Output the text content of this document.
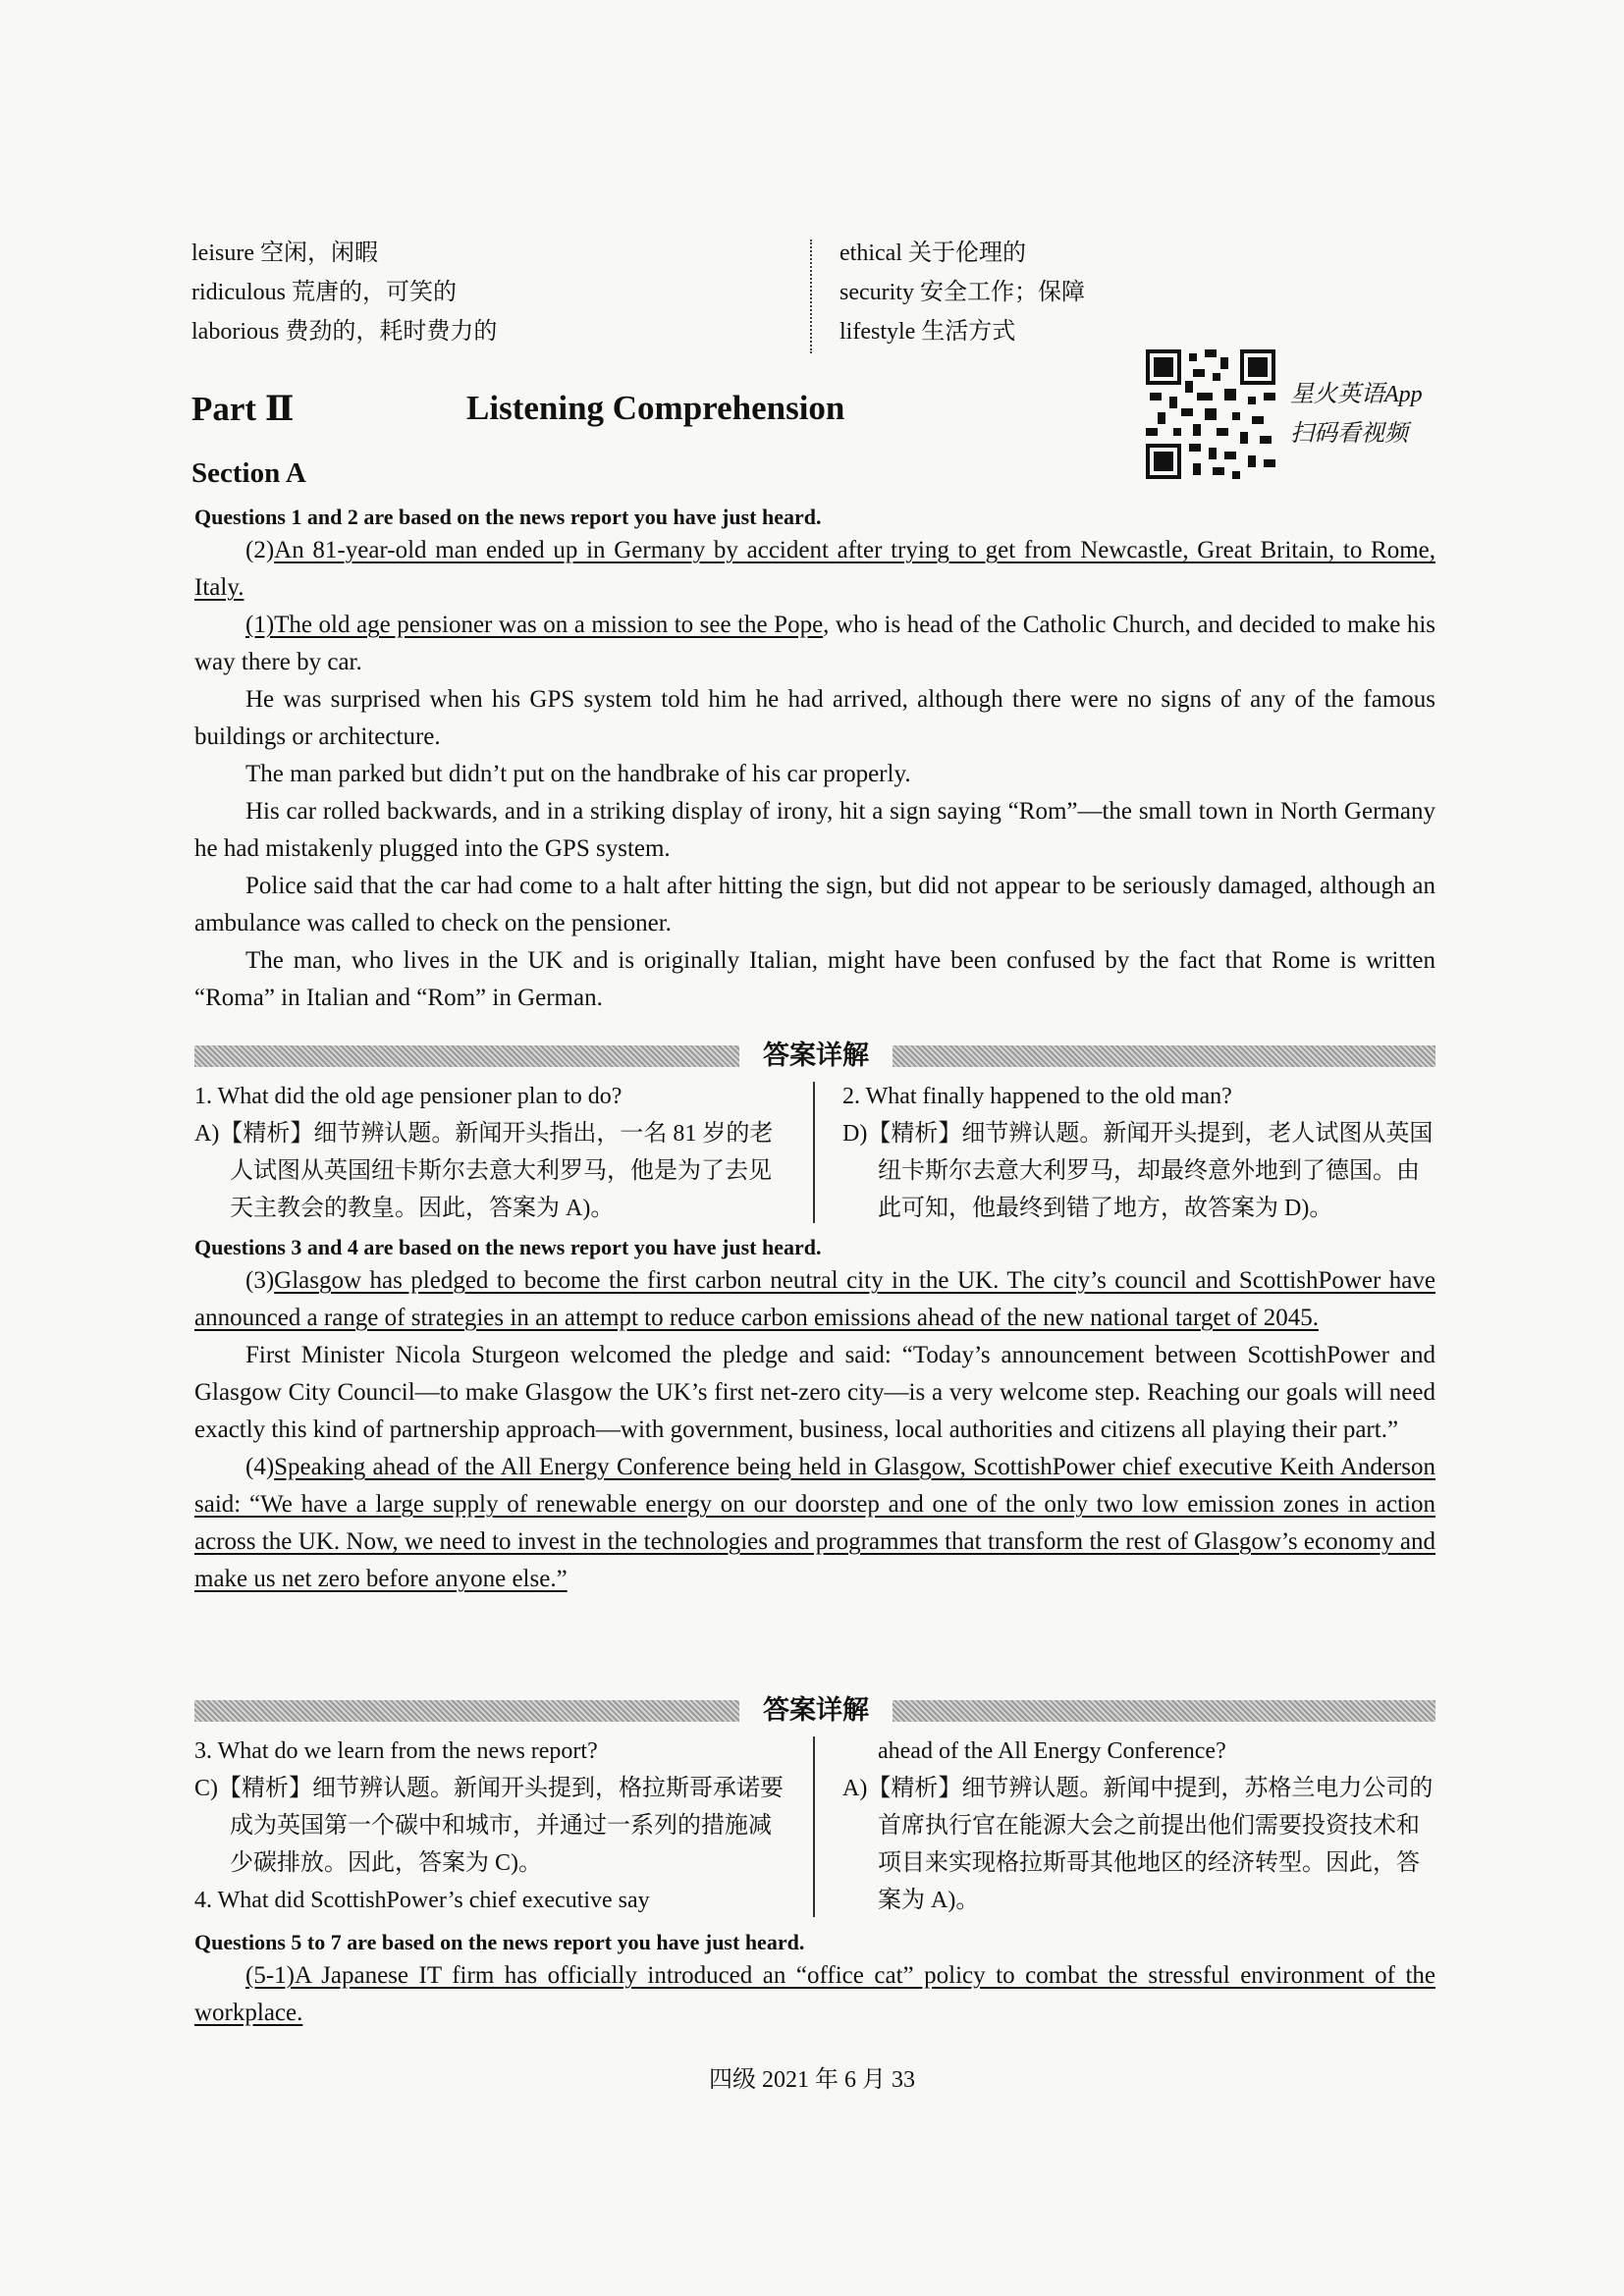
leisure 空闲，闲暇
ridiculous 荒唐的，可笑的
laborious 费劲的，耗时费力的
ethical 关于伦理的
security 安全工作；保障
lifestyle 生活方式
Part Ⅱ	Listening Comprehension	星火英语App
扫码看视频
Section A

Questions 1 and 2 are based on the news report you have just heard.

(2)An 81-year-old man ended up in Germany by accident after trying to get from Newcastle, Great Britain, to Rome, Italy.

(1)The old age pensioner was on a mission to see the Pope, who is head of the Catholic Church, and decided to make his way there by car.

He was surprised when his GPS system told him he had arrived, although there were no signs of any of the famous buildings or architecture.

The man parked but didn’t put on the handbrake of his car properly.

His car rolled backwards, and in a striking display of irony, hit a sign saying “Rom”—the small town in North Germany he had mistakenly plugged into the GPS system.

Police said that the car had come to a halt after hitting the sign, but did not appear to be seriously damaged, although an ambulance was called to check on the pensioner.

The man, who lives in the UK and is originally Italian, might have been confused by the fact that Rome is written “Roma” in Italian and “Rom” in German.

答案详解

1. What did the old age pensioner plan to do?

A)【精析】细节辨认题。新闻开头指出，一名 81 岁的老人试图从英国纽卡斯尔去意大利罗马，他是为了去见天主教会的教皇。因此，答案为 A)。

2. What finally happened to the old man?

D)【精析】细节辨认题。新闻开头提到，老人试图从英国纽卡斯尔去意大利罗马，却最终意外地到了德国。由此可知，他最终到错了地方，故答案为 D)。

Questions 3 and 4 are based on the news report you have just heard.

(3)Glasgow has pledged to become the first carbon neutral city in the UK. The city’s council and ScottishPower have announced a range of strategies in an attempt to reduce carbon emissions ahead of the new national target of 2045.

First Minister Nicola Sturgeon welcomed the pledge and said: “Today’s announcement between ScottishPower and Glasgow City Council—to make Glasgow the UK’s first net-zero city—is a very welcome step. Reaching our goals will need exactly this kind of partnership approach—with government, business, local authorities and citizens all playing their part.”

(4)Speaking ahead of the All Energy Conference being held in Glasgow, ScottishPower chief executive Keith Anderson said: “We have a large supply of renewable energy on our doorstep and one of the only two low emission zones in action across the UK. Now, we need to invest in the technologies and programmes that transform the rest of Glasgow’s economy and make us net zero before anyone else.”

答案详解

3. What do we learn from the news report?

C)【精析】细节辨认题。新闻开头提到，格拉斯哥承诺要成为英国第一个碳中和城市，并通过一系列的措施减少碳排放。因此，答案为 C)。

4. What did ScottishPower’s chief executive say

ahead of the All Energy Conference?

A)【精析】细节辨认题。新闻中提到，苏格兰电力公司的首席执行官在能源大会之前提出他们需要投资技术和项目来实现格拉斯哥其他地区的经济转型。因此，答案为 A)。

Questions 5 to 7 are based on the news report you have just heard.

(5-1)A Japanese IT firm has officially introduced an “office cat” policy to combat the stressful environment of the workplace.

四级 2021 年 6 月 33
